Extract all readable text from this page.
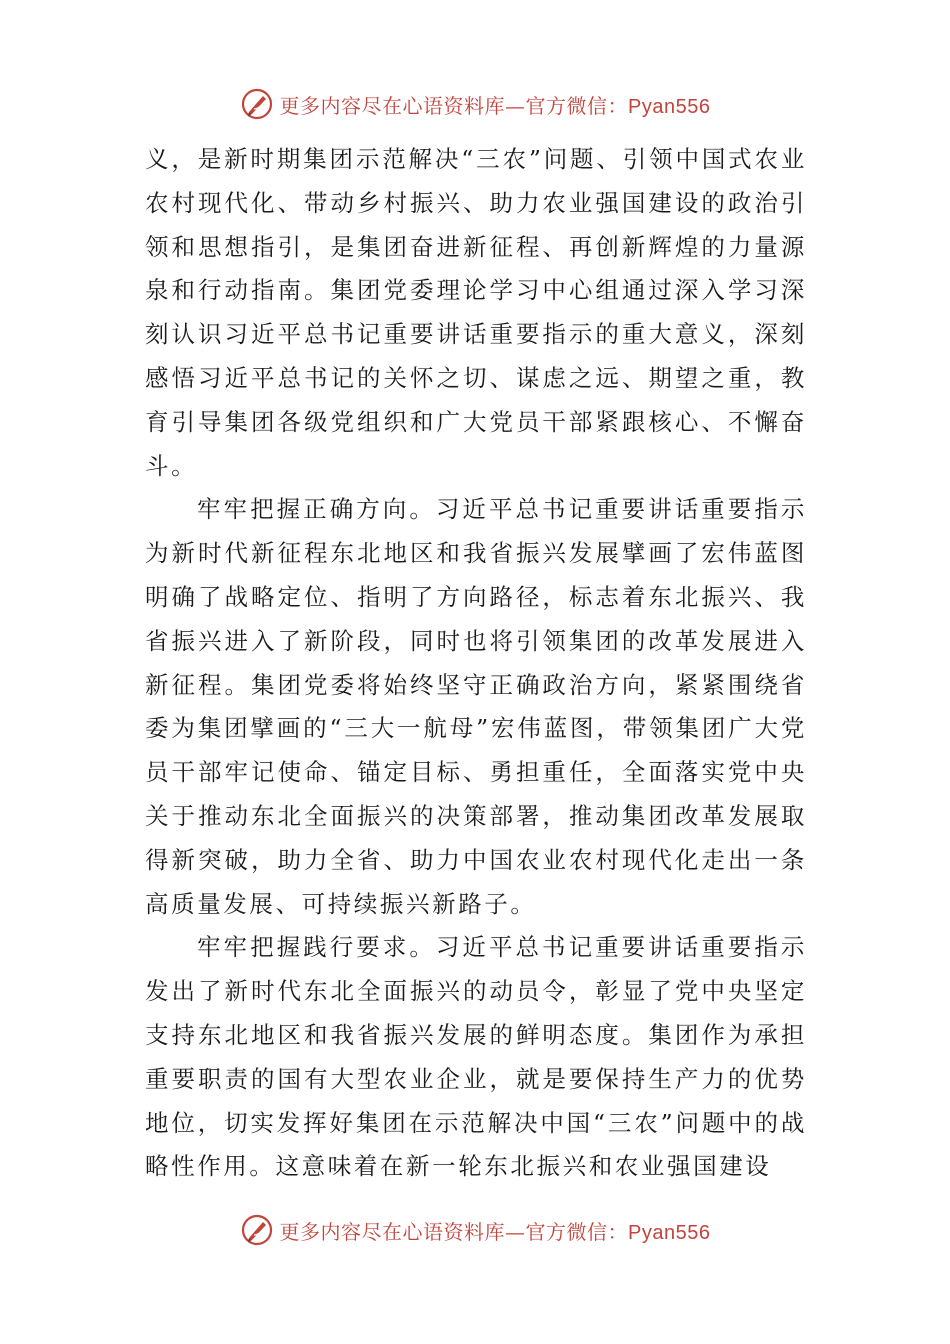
更多内容尽在心语资料库—官方微信：Pyan556

义，是新时期集团示范解决“三农”问题、引领中国式农业农村现代化、带动乡村振兴、助力农业强国建设的政治引领和思想指引，是集团奋进新征程、再创新辉煌的力量源泉和行动指南。集团党委理论学习中心组通过深入学习深刻认识习近平总书记重要讲话重要指示的重大意义，深刻感悟习近平总书记的关怀之切、谋虑之远、期望之重，教育引导集团各级党组织和广大党员干部紧跟核心、不懈奋斗。

牢牢把握正确方向。习近平总书记重要讲话重要指示为新时代新征程东北地区和我省振兴发展擘画了宏伟蓝图明确了战略定位、指明了方向路径，标志着东北振兴、我省振兴进入了新阶段，同时也将引领集团的改革发展进入新征程。集团党委将始终坚守正确政治方向，紧紧围绕省委为集团擘画的“三大一航母”宏伟蓝图，带领集团广大党员干部牢记使命、锚定目标、勇担重任，全面落实党中央关于推动东北全面振兴的决策部署，推动集团改革发展取得新突破，助力全省、助力中国农业农村现代化走出一条高质量发展、可持续振兴新路子。

牢牢把握践行要求。习近平总书记重要讲话重要指示发出了新时代东北全面振兴的动员令，彰显了党中央坚定支持东北地区和我省振兴发展的鲜明态度。集团作为承担重要职责的国有大型农业企业，就是要保持生产力的优势地位，切实发挥好集团在示范解决中国“三农”问题中的战略性作用。这意味着在新一轮东北振兴和农业强国建设

更多内容尽在心语资料库—官方微信：Pyan556
